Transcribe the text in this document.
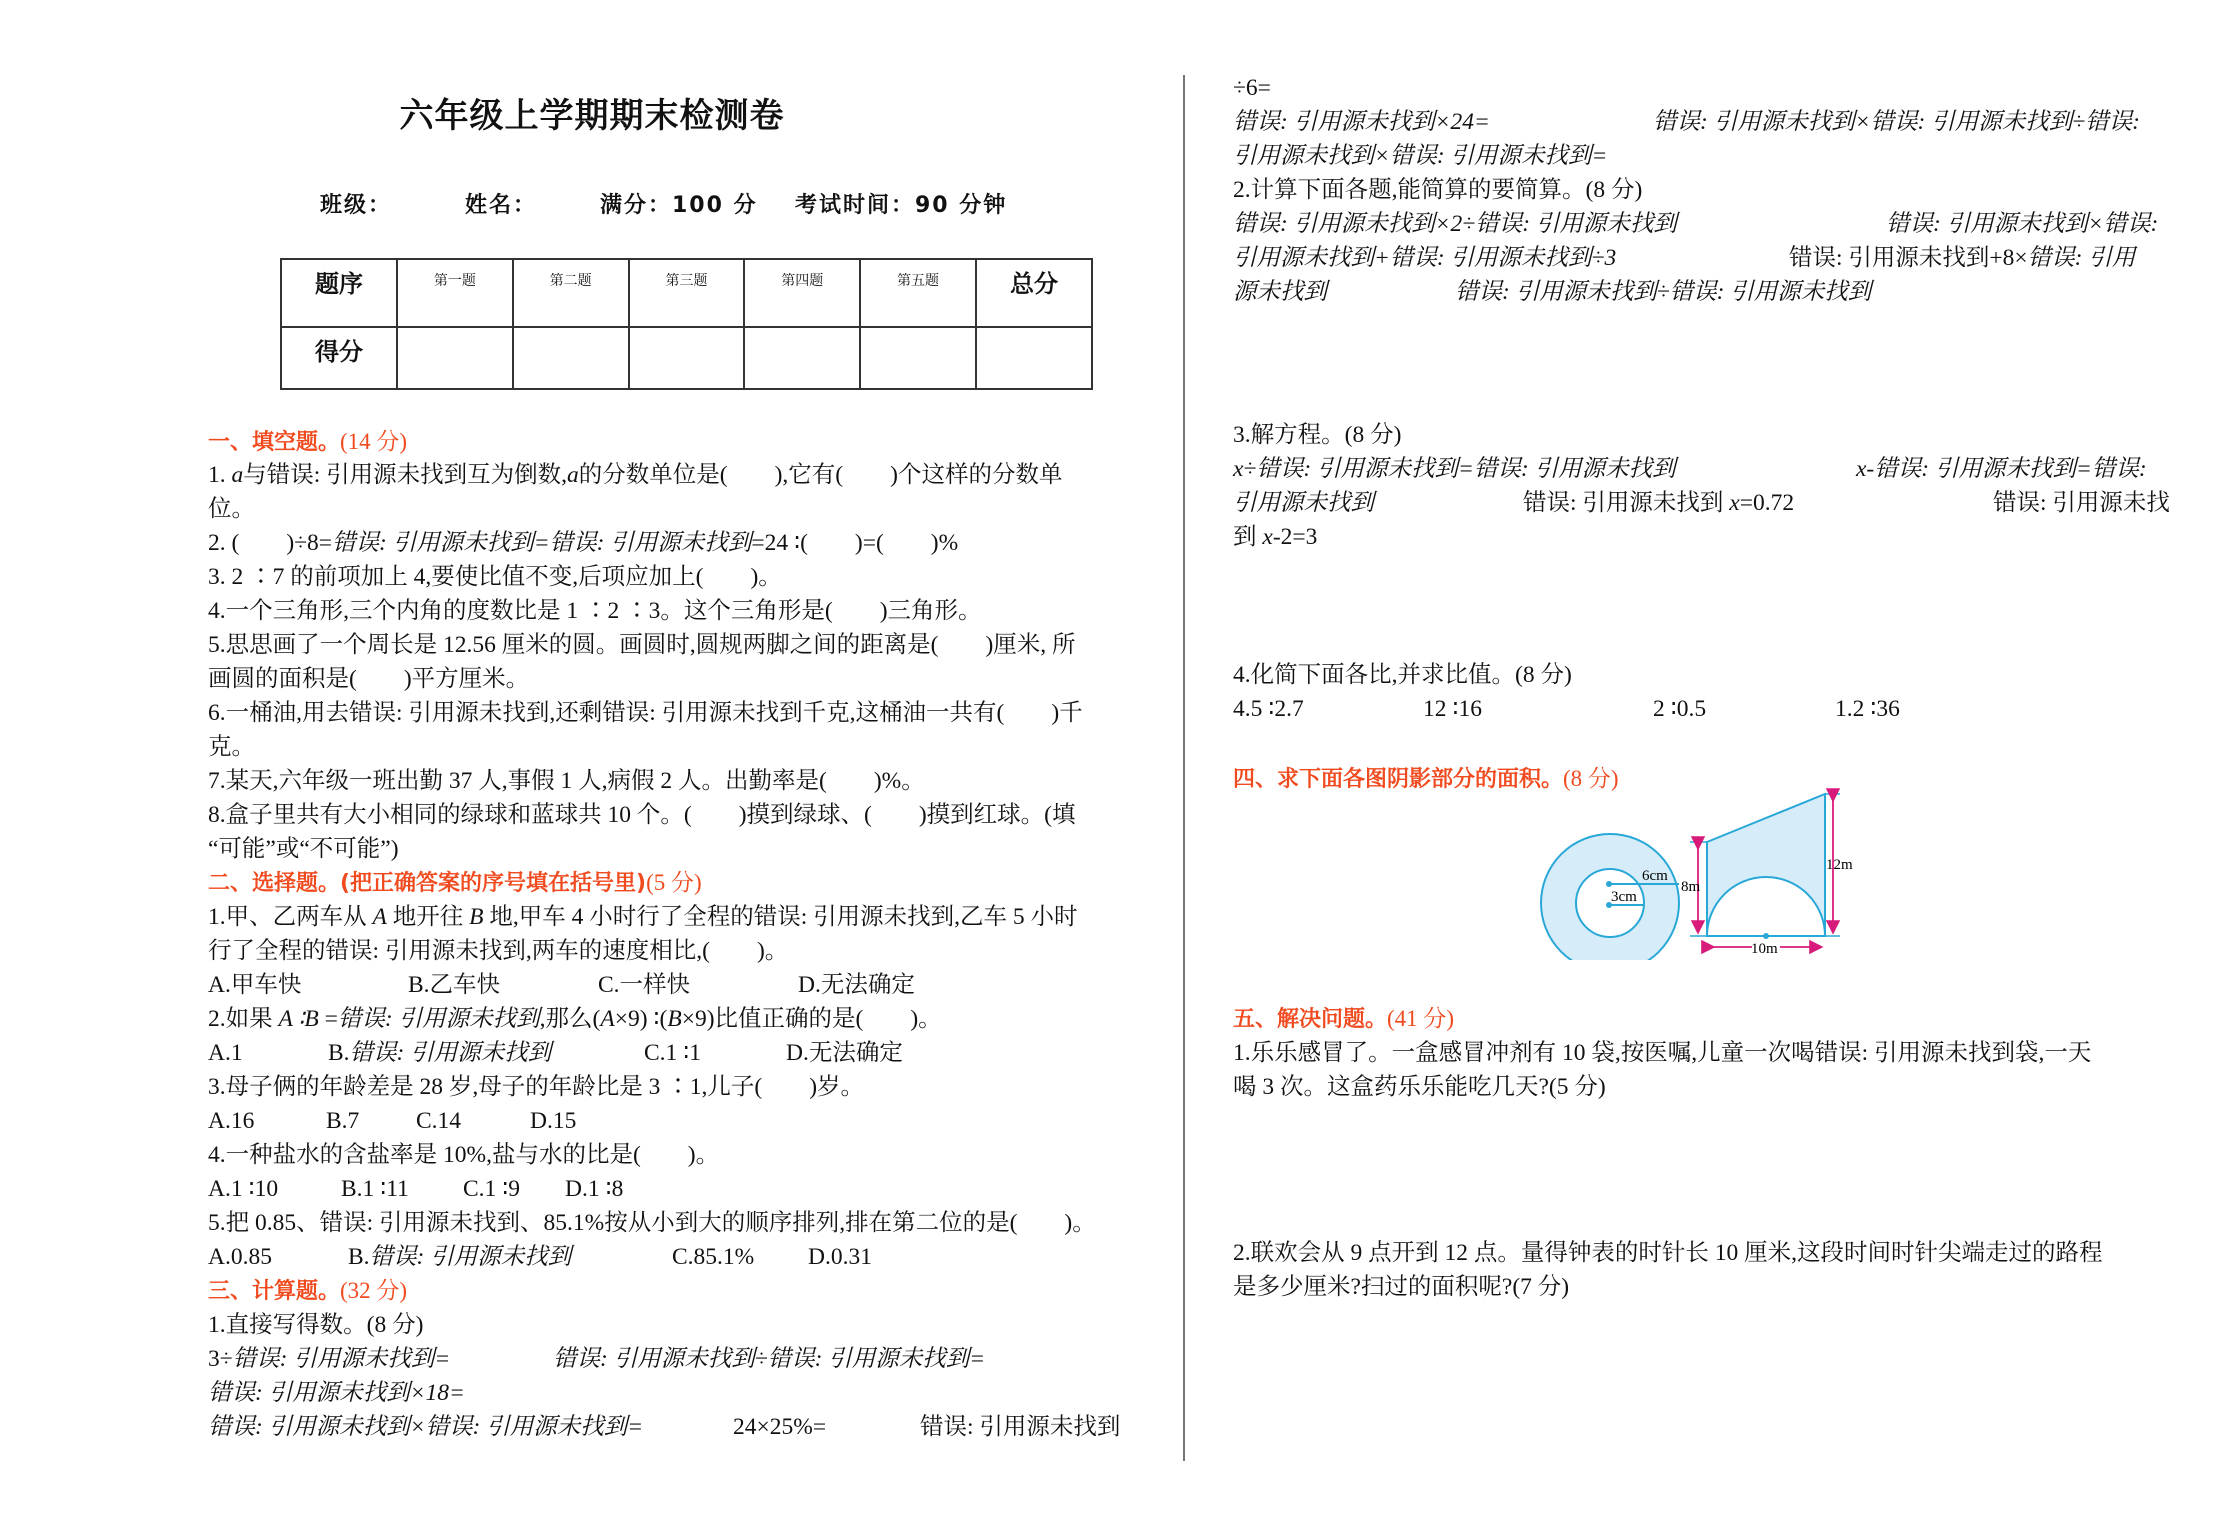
六年级上学期期末检测卷
班级：	姓名：	满分：100 分 考试时间：90 分钟
题序	第一题	第二题	第三题	第四题	第五题	总分
得分						
一、填空题。(14 分)
1. a与错误: 引用源未找到互为倒数,a的分数单位是(　　),它有(　　)个这样的分数单
位。
2. (　　)÷8=错误: 引用源未找到=错误: 引用源未找到=24 ∶(　　)=(　　)%
3. 2 ∶7 的前项加上 4,要使比值不变,后项应加上(　　)。
4.一个三角形,三个内角的度数比是 1 ∶2 ∶3。这个三角形是(　　)三角形。
5.思思画了一个周长是 12.56 厘米的圆。画圆时,圆规两脚之间的距离是(　　)厘米, 所
画圆的面积是(　　)平方厘米。
6.一桶油,用去错误: 引用源未找到,还剩错误: 引用源未找到千克,这桶油一共有(　　)千
克。
7.某天,六年级一班出勤 37 人,事假 1 人,病假 2 人。出勤率是(　　)%。
8.盒子里共有大小相同的绿球和蓝球共 10 个。(　　)摸到绿球、(　　)摸到红球。(填
“可能”或“不可能”)
二、选择题。(把正确答案的序号填在括号里)(5 分)
1.甲、乙两车从 A 地开往 B 地,甲车 4 小时行了全程的错误: 引用源未找到,乙车 5 小时
行了全程的错误: 引用源未找到,两车的速度相比,(　　)。
A.甲车快	B.乙车快	C.一样快	D.无法确定
2.如果 A ∶B =错误: 引用源未找到,那么(A×9) ∶(B×9)比值正确的是(　　)。
A.1	B.错误: 引用源未找到	C.1 ∶1	D.无法确定
3.母子俩的年龄差是 28 岁,母子的年龄比是 3 ∶1,儿子(　　)岁。
A.16	B.7 C.14	D.15
4.一种盐水的含盐率是 10%,盐与水的比是(　　)。
A.1 ∶10	B.1 ∶11 C.1 ∶9 D.1 ∶8
5.把 0.85、错误: 引用源未找到、85.1%按从小到大的顺序排列,排在第二位的是(　　)。
A.0.85	B.错误: 引用源未找到	C.85.1% D.0.31
三、计算题。(32 分)
1.直接写得数。(8 分)
3÷错误: 引用源未找到=	错误: 引用源未找到÷错误: 引用源未找到=
错误: 引用源未找到×18=
错误: 引用源未找到×错误: 引用源未找到=	24×25%=	错误: 引用源未找到
÷6=
错误: 引用源未找到×24=	错误: 引用源未找到×错误: 引用源未找到÷错误:
引用源未找到×错误: 引用源未找到=
2.计算下面各题,能简算的要简算。(8 分)
错误: 引用源未找到×2÷错误: 引用源未找到	错误: 引用源未找到×错误:
引用源未找到+错误: 引用源未找到÷3	错误: 引用源未找到+8×错误: 引用
源未找到	错误: 引用源未找到÷错误: 引用源未找到
3.解方程。(8 分)
x÷错误: 引用源未找到=错误: 引用源未找到	x-错误: 引用源未找到=错误:
引用源未找到	错误: 引用源未找到 x=0.72	错误: 引用源未找
到 x-2=3
4.化简下面各比,并求比值。(8 分)
4.5 ∶2.7	12 ∶16	2 ∶0.5	1.2 ∶36
四、求下面各图阴影部分的面积。(8 分)
6cm
3cm
8m
12m
10m
五、解决问题。(41 分)
1.乐乐感冒了。一盒感冒冲剂有 10 袋,按医嘱,儿童一次喝错误: 引用源未找到袋,一天
喝 3 次。这盒药乐乐能吃几天?(5 分)
2.联欢会从 9 点开到 12 点。量得钟表的时针长 10 厘米,这段时间时针尖端走过的路程
是多少厘米?扫过的面积呢?(7 分)
